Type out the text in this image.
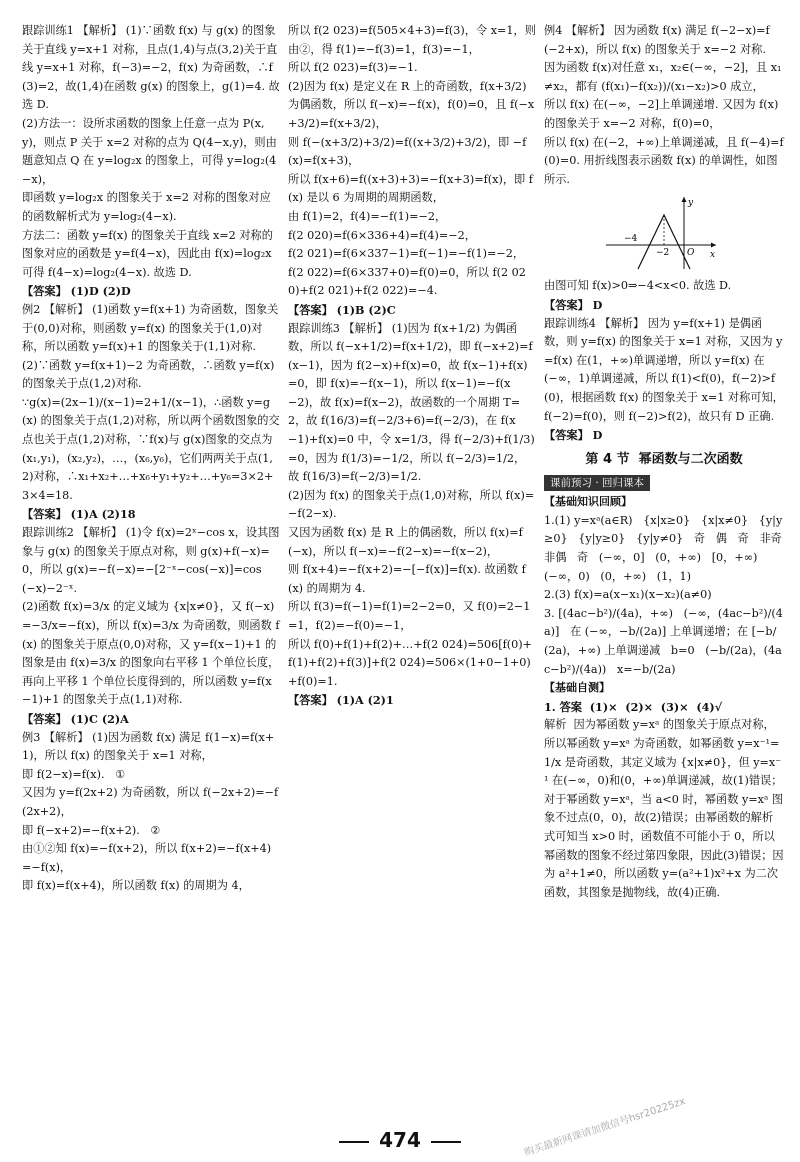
跟踪训练1 【解析】 (1)∵函数 f(x) 与 g(x) 的图象关于直线 y=x+1 对称，且点(1,4)与点(3,2)关于直线 y=x+1 对称，f(−3)=−2，f(x) 为奇函数，∴f(3)=2，故(1,4)在函数 g(x) 的图象上，g(1)=4. 故选 D.

(2)方法一：设所求函数的图象上任意一点为 P(x,y)，则点 P 关于 x=2 对称的点为 Q(4−x,y)，则由题意知点 Q 在 y=log₂x 的图象上，可得 y=log₂(4−x)，

即函数 y=log₂x 的图象关于 x=2 对称的图象对应的函数解析式为 y=log₂(4−x).

方法二：函数 y=f(x) 的图象关于直线 x=2 对称的图象对应的函数是 y=f(4−x)，因此由 f(x)=log₂x 可得 f(4−x)=log₂(4−x). 故选 D.

【答案】 (1)D (2)D

例2 【解析】 (1)函数 y=f(x+1) 为奇函数，图象关于(0,0)对称，则函数 y=f(x) 的图象关于(1,0)对称，所以函数 y=f(x)+1 的图象关于(1,1)对称.

(2)∵函数 y=f(x+1)−2 为奇函数，∴函数 y=f(x) 的图象关于点(1,2)对称.

∵g(x)=(2x−1)/(x−1)=2+1/(x−1)，∴函数 y=g(x) 的图象关于点(1,2)对称，所以两个函数图象的交点也关于点(1,2)对称，∵f(x)与 g(x)图象的交点为(x₁,y₁)，(x₂,y₂)，…，(x₆,y₆)，它们两两关于点(1,2)对称，∴x₁+x₂+…+x₆+y₁+y₂+…+y₆=3×2+3×4=18.

【答案】 (1)A (2)18

跟踪训练2 【解析】 (1)令 f(x)=2ˣ−cos x，设其图象与 g(x) 的图象关于原点对称，则 g(x)+f(−x)=0，所以 g(x)=−f(−x)=−[2⁻ˣ−cos(−x)]=cos(−x)−2⁻ˣ.

(2)函数 f(x)=3/x 的定义域为 {x|x≠0}，又 f(−x)=−3/x=−f(x)，所以 f(x)=3/x 为奇函数，则函数 f(x) 的图象关于原点(0,0)对称，又 y=f(x−1)+1 的图象是由 f(x)=3/x 的图象向右平移 1 个单位长度，再向上平移 1 个单位长度得到的，所以函数 y=f(x−1)+1 的图象关于点(1,1)对称.

【答案】 (1)C (2)A

例3 【解析】 (1)因为函数 f(x) 满足 f(1−x)=f(x+1)，所以 f(x) 的图象关于 x=1 对称，

即 f(2−x)=f(x).   ①

又因为 y=f(2x+2) 为奇函数，所以 f(−2x+2)=−f(2x+2)，

即 f(−x+2)=−f(x+2).   ②

由①②知 f(x)=−f(x+2)，所以 f(x+2)=−f(x+4)=−f(x)，

即 f(x)=f(x+4)，所以函数 f(x) 的周期为 4，

所以 f(2 023)=f(505×4+3)=f(3)，令 x=1，则由②，得 f(1)=−f(3)=1，f(3)=−1，

所以 f(2 023)=f(3)=−1.

(2)因为 f(x) 是定义在 R 上的奇函数，f(x+3/2) 为偶函数，所以 f(−x)=−f(x)，f(0)=0，且 f(−x+3/2)=f(x+3/2)，

则 f(−(x+3/2)+3/2)=f((x+3/2)+3/2)，即 −f(x)=f(x+3)，

所以 f(x+6)=f((x+3)+3)=−f(x+3)=f(x)，即 f(x) 是以 6 为周期的周期函数，

由 f(1)=2，f(4)=−f(1)=−2，

f(2 020)=f(6×336+4)=f(4)=−2，

f(2 021)=f(6×337−1)=f(−1)=−f(1)=−2，

f(2 022)=f(6×337+0)=f(0)=0，所以 f(2 020)+f(2 021)+f(2 022)=−4.

【答案】 (1)B (2)C

跟踪训练3 【解析】 (1)因为 f(x+1/2) 为偶函数，所以 f(−x+1/2)=f(x+1/2)，即 f(−x+2)=f(x−1)，因为 f(2−x)+f(x)=0，故 f(x−1)+f(x)=0，即 f(x)=−f(x−1)，所以 f(x−1)=−f(x−2)，故 f(x)=f(x−2)，故函数的一个周期 T=2，故 f(16/3)=f(−2/3+6)=f(−2/3)，在 f(x−1)+f(x)=0 中，令 x=1/3，得 f(−2/3)+f(1/3)=0，因为 f(1/3)=−1/2，所以 f(−2/3)=1/2，故 f(16/3)=f(−2/3)=1/2.

(2)因为 f(x) 的图象关于点(1,0)对称，所以 f(x)=−f(2−x).

又因为函数 f(x) 是 R 上的偶函数，所以 f(x)=f(−x)，所以 f(−x)=−f(2−x)=−f(x−2)，

则 f(x+4)=−f(x+2)=−[−f(x)]=f(x). 故函数 f(x) 的周期为 4.

所以 f(3)=f(−1)=f(1)=2−2=0，又 f(0)=2−1=1，f(2)=−f(0)=−1，

所以 f(0)+f(1)+f(2)+…+f(2 024)=506[f(0)+f(1)+f(2)+f(3)]+f(2 024)=506×(1+0−1+0)+f(0)=1.

【答案】 (1)A (2)1

例4 【解析】 因为函数 f(x) 满足 f(−2−x)=f(−2+x)，所以 f(x) 的图象关于 x=−2 对称.

因为函数 f(x)对任意 x₁，x₂∈(−∞，−2]，且 x₁≠x₂，都有 (f(x₁)−f(x₂))/(x₁−x₂)>0 成立，

所以 f(x) 在(−∞，−2]上单调递增. 又因为 f(x) 的图象关于 x=−2 对称，f(0)=0，

所以 f(x) 在(−2，+∞)上单调递减，且 f(−4)=f(0)=0. 用折线图表示函数 f(x) 的单调性，如图所示.

−4
−2 O x
y

由图可知 f(x)>0⇒−4<x<0. 故选 D.

【答案】 D

跟踪训练4 【解析】 因为 y=f(x+1) 是偶函数，则 y=f(x) 的图象关于 x=1 对称，又因为 y=f(x) 在(1，+∞)单调递增，所以 y=f(x) 在(−∞，1)单调递减，所以 f(1)<f(0)，f(−2)>f(0)，根据函数 f(x) 的图象关于 x=1 对称可知，f(−2)=f(0)，则 f(−2)>f(2)，故只有 D 正确.

【答案】 D

第 4 节  幂函数与二次函数

课前预习 · 回归课本

【基础知识回顾】

1.(1) y=xᵃ(a∈R)   {x|x≥0}   {x|x≠0}   {y|y≥0}   {y|y≥0}   {y|y≠0}   奇   偶   奇   非奇非偶   奇   (−∞，0]   (0，+∞)   [0，+∞)   (−∞，0)   (0，+∞)   (1，1)

2.(3) f(x)=a(x−x₁)(x−x₂)(a≠0)

3. [(4ac−b²)/(4a)，+∞)   (−∞，(4ac−b²)/(4a)]   在 (−∞，−b/(2a)] 上单调递增；在 [−b/(2a)，+∞) 上单调递减   b=0   (−b/(2a)，(4ac−b²)/(4a))   x=−b/(2a)

【基础自测】

1. 答案  (1)×  (2)×  (3)×  (4)√

解析  因为幂函数 y=xᵃ 的图象关于原点对称，所以幂函数 y=xᵃ 为奇函数，如幂函数 y=x⁻¹=1/x 是奇函数，其定义域为 {x|x≠0}，但 y=x⁻¹ 在(−∞，0)和(0，+∞)单调递减，故(1)错误；对于幂函数 y=xᵃ，当 a<0 时，幂函数 y=xᵃ 图象不过点(0，0)，故(2)错误；由幂函数的解析式可知当 x>0 时，函数值不可能小于 0，所以幂函数的图象不经过第四象限，因此(3)错误；因为 a²+1≠0，所以函数 y=(a²+1)x²+x 为二次函数，其图象是抛物线，故(4)正确.

474	购买最新网课请加微信号hsr20225zx
